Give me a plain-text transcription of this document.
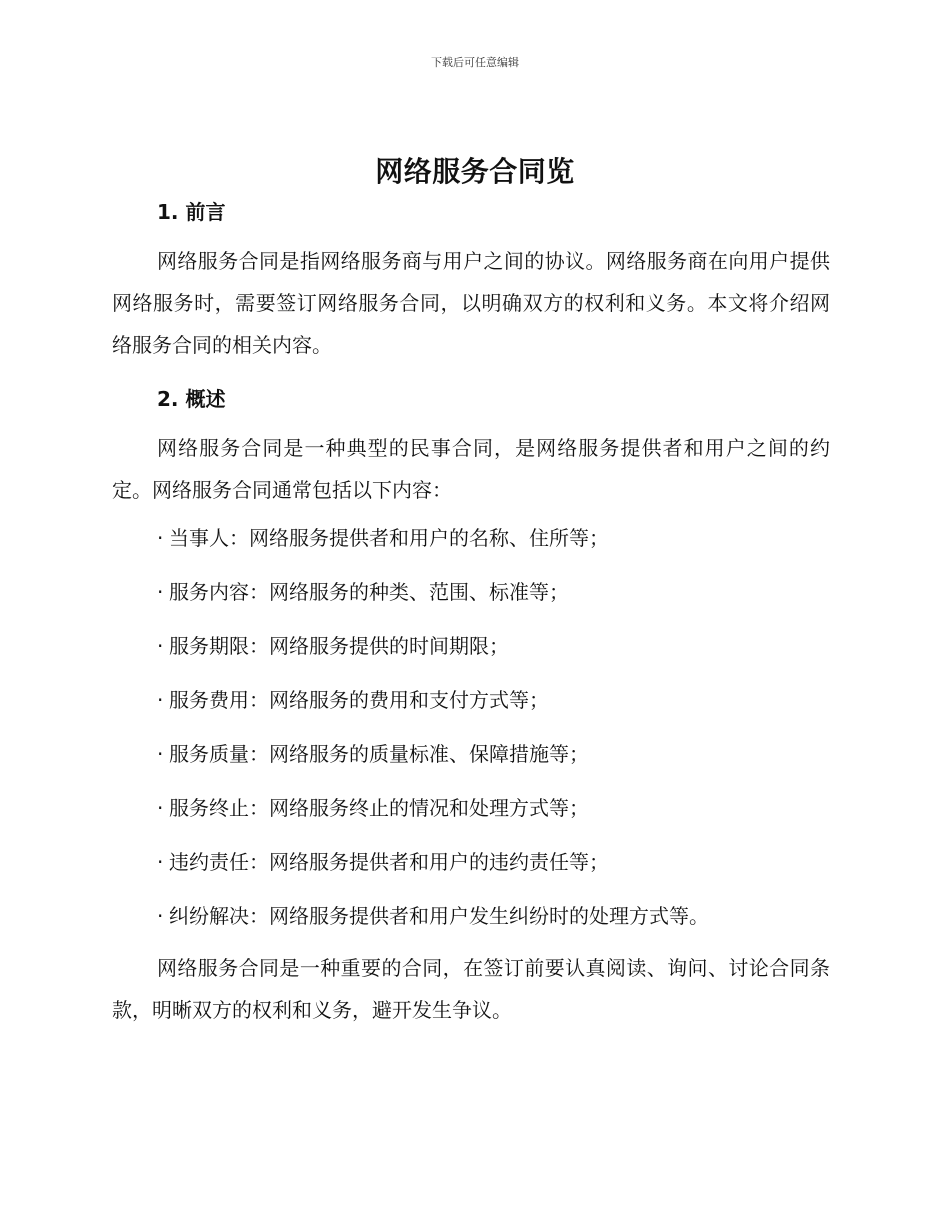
下载后可任意编辑

网络服务合同览
1. 前言

网络服务合同是指网络服务商与用户之间的协议。网络服务商在向用户提供网络服务时，需要签订网络服务合同，以明确双方的权利和义务。本文将介绍网络服务合同的相关内容。

2. 概述

网络服务合同是一种典型的民事合同，是网络服务提供者和用户之间的约定。网络服务合同通常包括以下内容：

· 当事人：网络服务提供者和用户的名称、住所等；
· 服务内容：网络服务的种类、范围、标准等；
· 服务期限：网络服务提供的时间期限；
· 服务费用：网络服务的费用和支付方式等；
· 服务质量：网络服务的质量标准、保障措施等；
· 服务终止：网络服务终止的情况和处理方式等；
· 违约责任：网络服务提供者和用户的违约责任等；
· 纠纷解决：网络服务提供者和用户发生纠纷时的处理方式等。

网络服务合同是一种重要的合同，在签订前要认真阅读、询问、讨论合同条款，明晰双方的权利和义务，避开发生争议。
